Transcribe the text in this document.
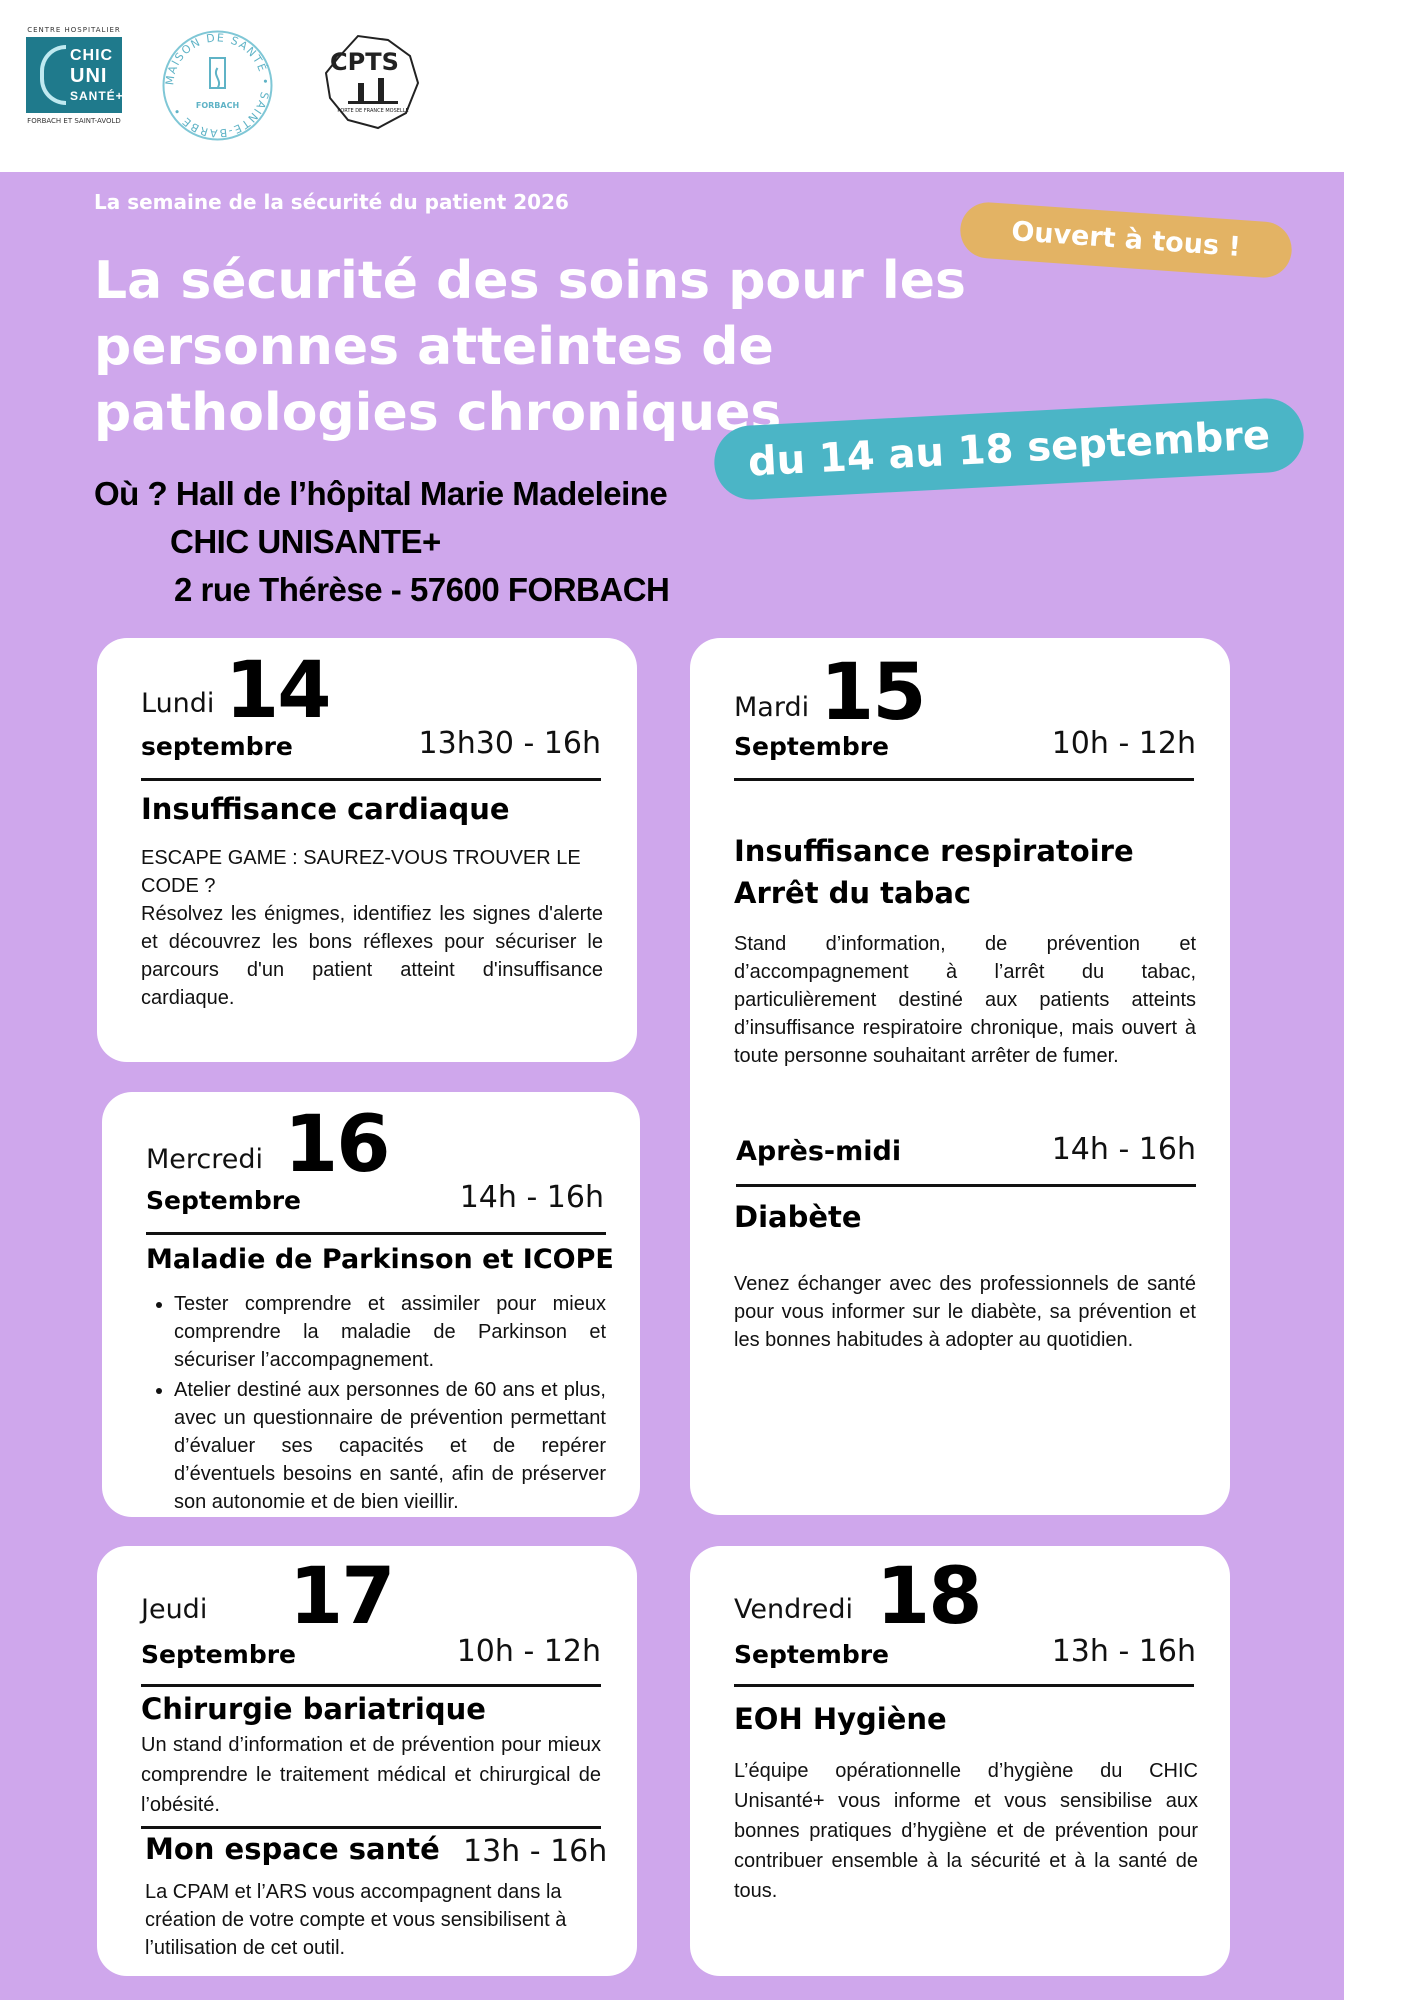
CENTRE HOSPITALIER
CHIC
UNI
SANTÉ+
FORBACH ET SAINT-AVOLD
MAISON DE SANTÉ • SAINTE-BARBE •	FORBACH
CPTS
PORTE DE FRANCE MOSELLE
La semaine de la sécurité du patient 2026
Ouvert à tous !
La sécurité des soins pour les personnes atteintes de pathologies chroniques
du 14 au 18 septembre
Où ? Hall de l’hôpital Marie Madeleine
CHIC UNISANTE+
2 rue Thérèse - 57600 FORBACH
Lundi 14
septembre	13h30 - 16h
Insuffisance cardiaque
ESCAPE GAME : SAUREZ-VOUS TROUVER LE CODE ?
Résolvez les énigmes, identifiez les signes d'alerte et découvrez les bons réflexes pour sécuriser le parcours d'un patient atteint d'insuffisance cardiaque.
Mardi 15
Septembre	10h - 12h
Insuffisance respiratoire
Arrêt du tabac
Stand d’information, de prévention et d’accompagnement à l’arrêt du tabac, particulièrement destiné aux patients atteints d’insuffisance respiratoire chronique, mais ouvert à toute personne souhaitant arrêter de fumer.
Après-midi	14h - 16h
Diabète
Venez échanger avec des professionnels de santé pour vous informer sur le diabète, sa prévention et les bonnes habitudes à adopter au quotidien.
Mercredi 16
Septembre	14h - 16h
Maladie de Parkinson et ICOPE
• Tester comprendre et assimiler pour mieux comprendre la maladie de Parkinson et sécuriser l’accompagnement.
• Atelier destiné aux personnes de 60 ans et plus, avec un questionnaire de prévention permettant d’évaluer ses capacités et de repérer d’éventuels besoins en santé, afin de préserver son autonomie et de bien vieillir.
Jeudi 17
Septembre	10h - 12h
Chirurgie bariatrique
Un stand d’information et de prévention pour mieux comprendre le traitement médical et chirurgical de l’obésité.
Mon espace santé 13h - 16h
La CPAM et l’ARS vous accompagnent dans la création de votre compte et vous sensibilisent à l’utilisation de cet outil.
Vendredi 18
Septembre	13h - 16h
EOH Hygiène
L’équipe opérationnelle d’hygiène du CHIC Unisanté+ vous informe et vous sensibilise aux bonnes pratiques d’hygiène et de prévention pour contribuer ensemble à la sécurité et à la santé de tous.
